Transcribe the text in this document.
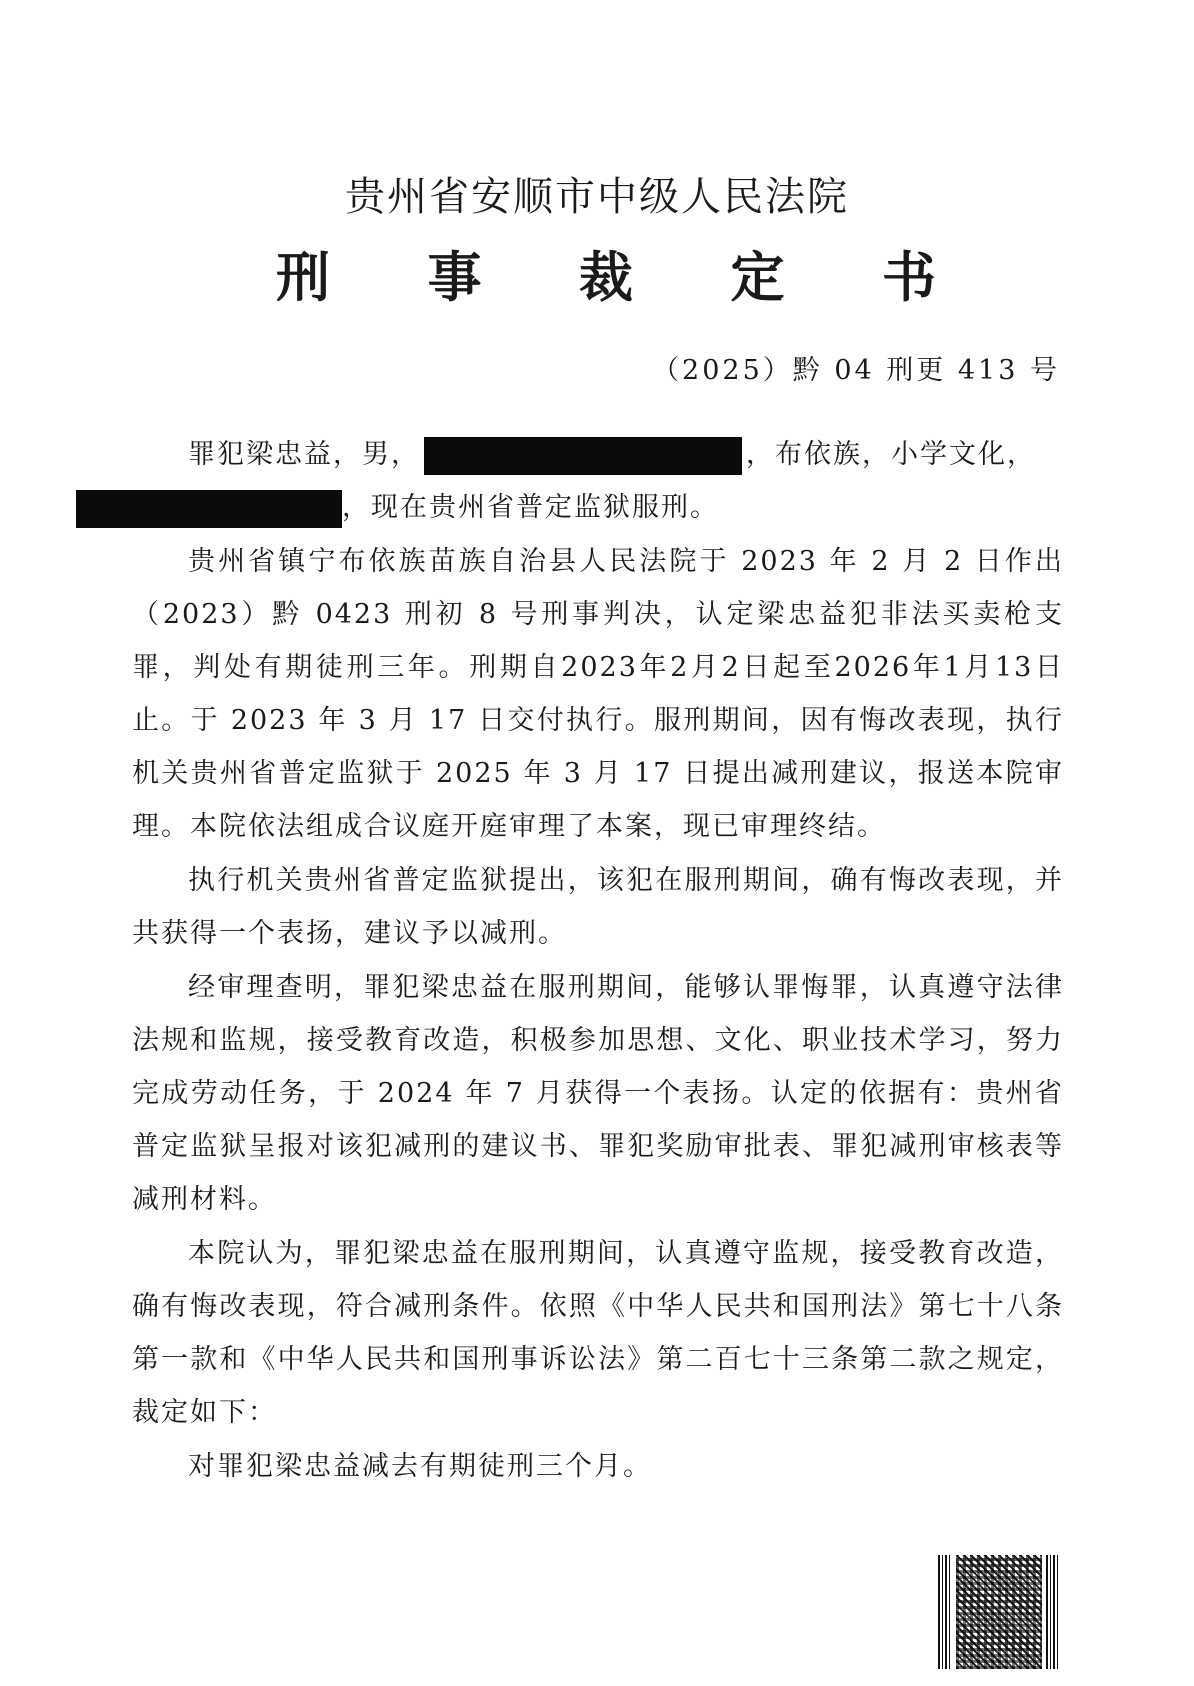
贵州省安顺市中级人民法院
刑 事 裁 定 书
（2025）黔 04 刑更 413 号

罪犯梁忠益，男，	，布依族，小学文化，
，现在贵州省普定监狱服刑。

贵州省镇宁布依族苗族自治县人民法院于 2023 年 2 月 2 日作出（2023）黔 0423 刑初 8 号刑事判决，认定梁忠益犯非法买卖枪支罪，判处有期徒刑三年。刑期自2023年2月2日起至2026年1月13日止。于 2023 年 3 月 17 日交付执行。服刑期间，因有悔改表现，执行机关贵州省普定监狱于 2025 年 3 月 17 日提出减刑建议，报送本院审理。本院依法组成合议庭开庭审理了本案，现已审理终结。

执行机关贵州省普定监狱提出，该犯在服刑期间，确有悔改表现，并共获得一个表扬，建议予以减刑。

经审理查明，罪犯梁忠益在服刑期间，能够认罪悔罪，认真遵守法律法规和监规，接受教育改造，积极参加思想、文化、职业技术学习，努力完成劳动任务，于 2024 年 7 月获得一个表扬。认定的依据有：贵州省普定监狱呈报对该犯减刑的建议书、罪犯奖励审批表、罪犯减刑审核表等减刑材料。

本院认为，罪犯梁忠益在服刑期间，认真遵守监规，接受教育改造，确有悔改表现，符合减刑条件。依照《中华人民共和国刑法》第七十八条第一款和《中华人民共和国刑事诉讼法》第二百七十三条第二款之规定，裁定如下：

对罪犯梁忠益减去有期徒刑三个月。
